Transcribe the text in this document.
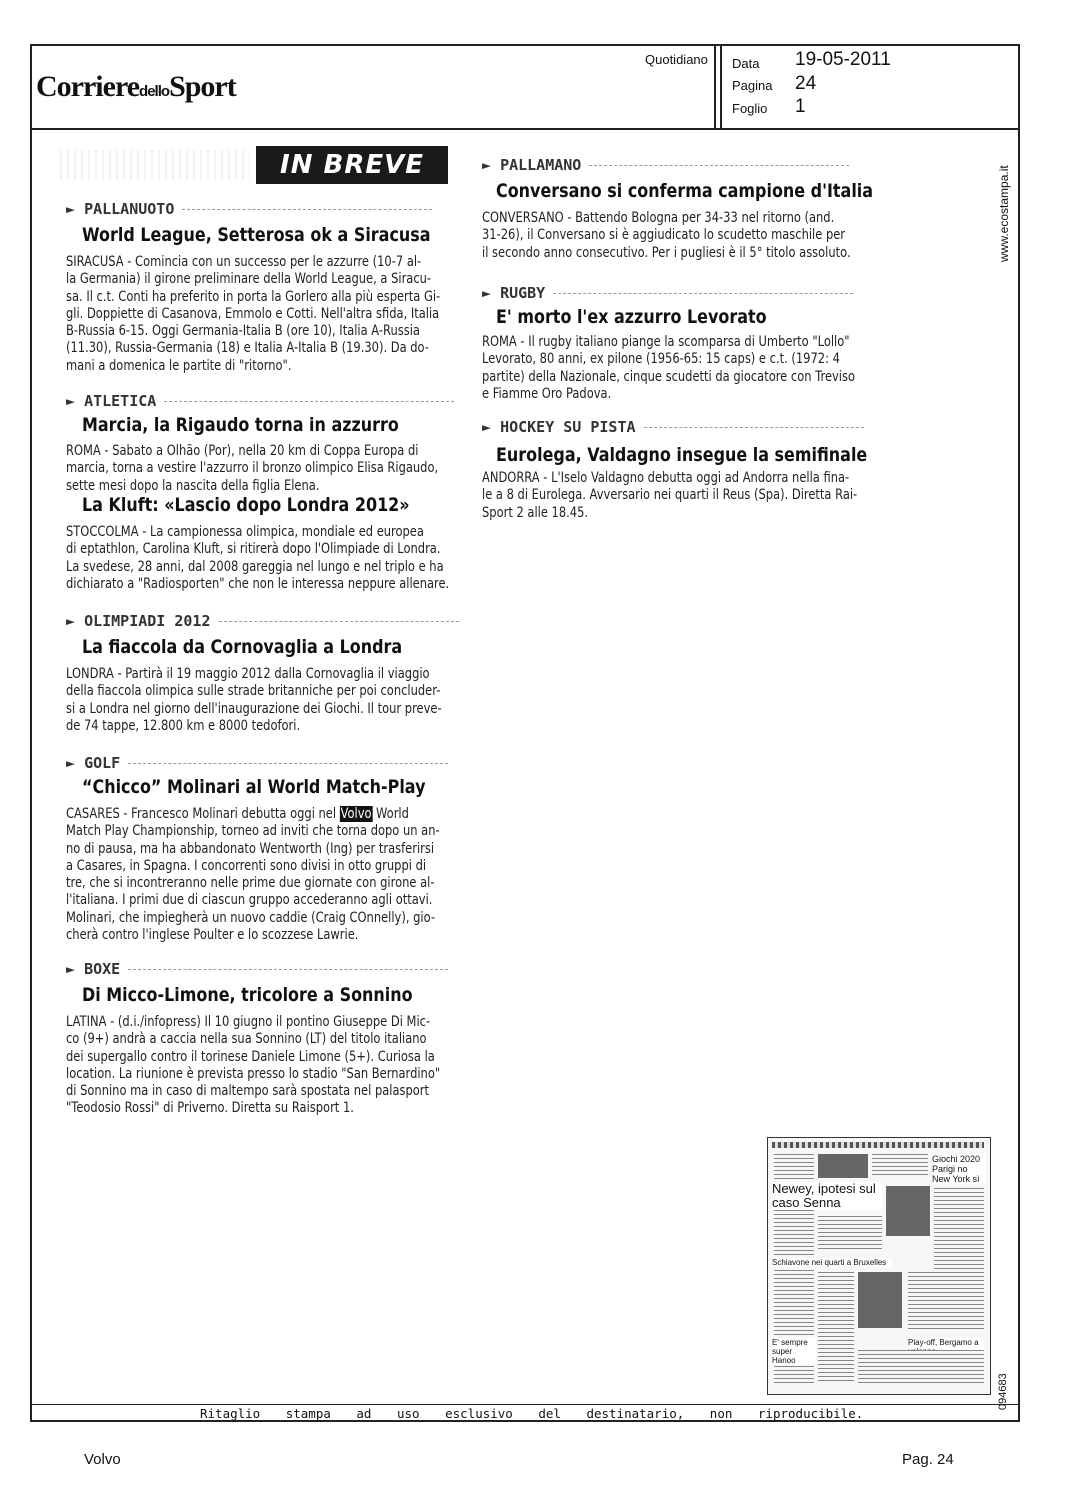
CorrieredelloSport
Quotidiano Data 19-05-2011
Pagina 24
Foglio 1
www.ecostampa.it
094683
IN BREVE
► PALLANUOTO
World League, Setterosa ok a Siracusa
SIRACUSA - Comincia con un successo per le azzurre (10-7 al-
la Germania) il girone preliminare della World League, a Siracu-
sa. Il c.t. Conti ha preferito in porta la Gorlero alla più esperta Gi-
gli. Doppiette di Casanova, Emmolo e Cotti. Nell'altra sfida, Italia
B-Russia 6-15. Oggi Germania-Italia B (ore 10), Italia A-Russia
(11.30), Russia-Germania (18) e Italia A-Italia B (19.30). Da do-
mani a domenica le partite di "ritorno".
► ATLETICA
Marcia, la Rigaudo torna in azzurro
ROMA - Sabato a Olhão (Por), nella 20 km di Coppa Europa di
marcia, torna a vestire l'azzurro il bronzo olimpico Elisa Rigaudo,
sette mesi dopo la nascita della figlia Elena.
La Kluft: «Lascio dopo Londra 2012»
STOCCOLMA - La campionessa olimpica, mondiale ed europea
di eptathlon, Carolina Kluft, si ritirerà dopo l'Olimpiade di Londra.
La svedese, 28 anni, dal 2008 gareggia nel lungo e nel triplo e ha
dichiarato a "Radiosporten" che non le interessa neppure allenare.
► OLIMPIADI 2012
La fiaccola da Cornovaglia a Londra
LONDRA - Partirà il 19 maggio 2012 dalla Cornovaglia il viaggio
della fiaccola olimpica sulle strade britanniche per poi concluder-
si a Londra nel giorno dell'inaugurazione dei Giochi. Il tour preve-
de 74 tappe, 12.800 km e 8000 tedofori.
► GOLF
“Chicco” Molinari al World Match-Play
CASARES - Francesco Molinari debutta oggi nel Volvo World
Match Play Championship, torneo ad inviti che torna dopo un an-
no di pausa, ma ha abbandonato Wentworth (Ing) per trasferirsi
a Casares, in Spagna. I concorrenti sono divisi in otto gruppi di
tre, che si incontreranno nelle prime due giornate con girone al-
l'italiana. I primi due di ciascun gruppo accederanno agli ottavi.
Molinari, che impiegherà un nuovo caddie (Craig COnnelly), gio-
cherà contro l'inglese Poulter e lo scozzese Lawrie.
► BOXE
Di Micco-Limone, tricolore a Sonnino
LATINA - (d.i./infopress) Il 10 giugno il pontino Giuseppe Di Mic-
co (9+) andrà a caccia nella sua Sonnino (LT) del titolo italiano
dei supergallo contro il torinese Daniele Limone (5+). Curiosa la
location. La riunione è prevista presso lo stadio "San Bernardino"
di Sonnino ma in caso di maltempo sarà spostata nel palasport
"Teodosio Rossi" di Priverno. Diretta su Raisport 1.
► PALLAMANO
Conversano si conferma campione d'Italia
CONVERSANO - Battendo Bologna per 34-33 nel ritorno (and.
31-26), il Conversano si è aggiudicato lo scudetto maschile per
il secondo anno consecutivo. Per i pugliesi è il 5° titolo assoluto.
► RUGBY
E' morto l'ex azzurro Levorato
ROMA - Il rugby italiano piange la scomparsa di Umberto "Lollo"
Levorato, 80 anni, ex pilone (1956-65: 15 caps) e c.t. (1972: 4
partite) della Nazionale, cinque scudetti da giocatore con Treviso
e Fiamme Oro Padova.
► HOCKEY SU PISTA
Eurolega, Valdagno insegue la semifinale
ANDORRA - L'Iselo Valdagno debutta oggi ad Andorra nella fina-
le a 8 di Eurolega. Avversario nei quarti il Reus (Spa). Diretta Rai-
Sport 2 alle 18.45.
Newey, ipotesi sul caso Senna
Giochi 2020 Parigi no New York sì
Schiavone nei quarti a Bruxelles
Play-off, Bergamo a
E' sempre super Hanoo
Ritaglio stampa ad uso esclusivo del destinatario, non riproducibile.
Volvo	Pag. 24
